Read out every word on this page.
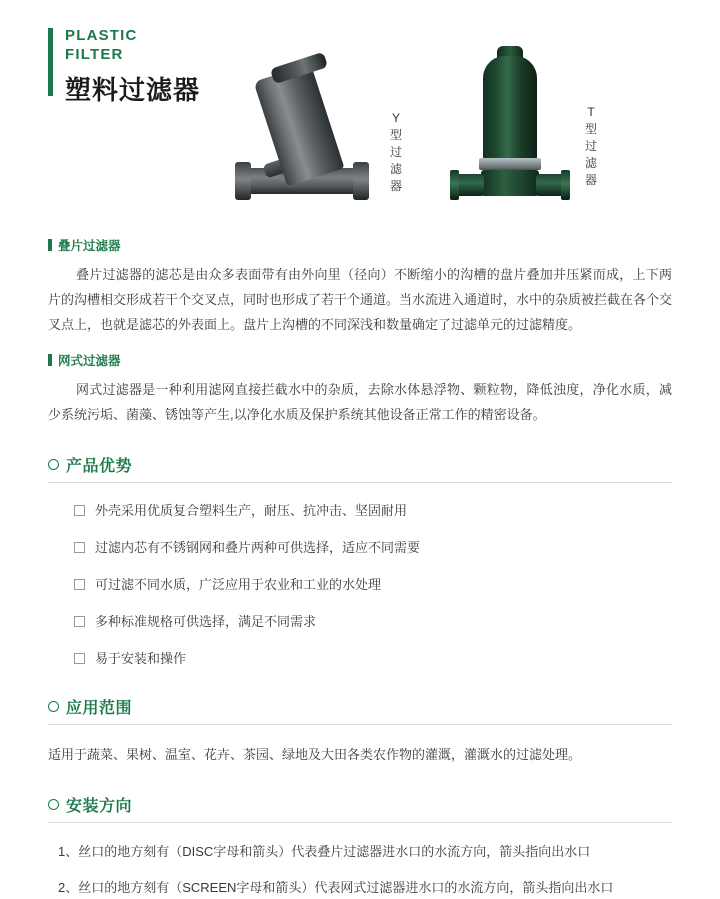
PLASTIC
FILTER
塑料过滤器
Y型过滤器
T型过滤器
叠片过滤器

叠片过滤器的滤芯是由众多表面带有由外向里（径向）不断缩小的沟槽的盘片叠加并压紧而成，上下两片的沟槽相交形成若干个交叉点，同时也形成了若干个通道。当水流进入通道时，水中的杂质被拦截在各个交叉点上，也就是滤芯的外表面上。盘片上沟槽的不同深浅和数量确定了过滤单元的过滤精度。

网式过滤器

网式过滤器是一种利用滤网直接拦截水中的杂质，去除水体悬浮物、颗粒物，降低浊度，净化水质，减少系统污垢、菌藻、锈蚀等产生,以净化水质及保护系统其他设备正常工作的精密设备。

产品优势
外壳采用优质复合塑料生产，耐压、抗冲击、坚固耐用
过滤内芯有不锈钢网和叠片两种可供选择，适应不同需要
可过滤不同水质，广泛应用于农业和工业的水处理
多种标准规格可供选择，满足不同需求
易于安装和操作
应用范围

适用于蔬菜、果树、温室、花卉、茶园、绿地及大田各类农作物的灌溉，灌溉水的过滤处理。

安装方向
1、丝口的地方刻有（DISC字母和箭头）代表叠片过滤器进水口的水流方向，箭头指向出水口
2、丝口的地方刻有（SCREEN字母和箭头）代表网式过滤器进水口的水流方向，箭头指向出水口
